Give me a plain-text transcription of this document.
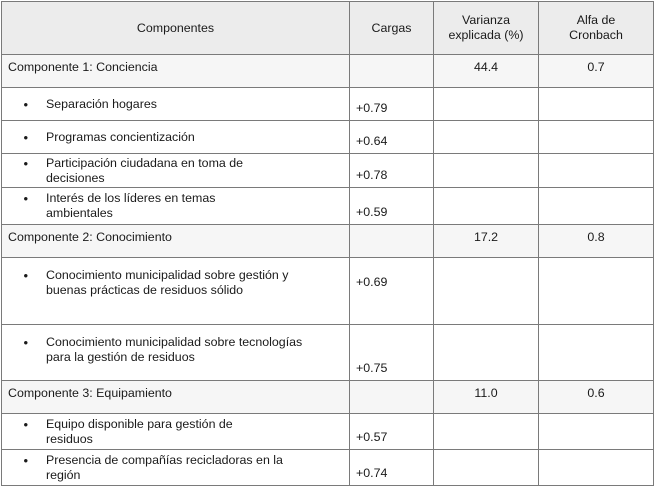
Componentes	Cargas	Varianza explicada (%)	Alfa de Cronbach

Componente 1: Conciencia		44.4	0.7

• Separación hogares	+0.79		

• Programas concientización	+0.64		

• Participación ciudadana en toma de decisiones	+0.78		

• Interés de los líderes en temas ambientales	+0.59		
Componente 2: Conocimiento		17.2	0.8

• Conocimiento municipalidad sobre gestión y buenas prácticas de residuos sólido	+0.69		

• Conocimiento municipalidad sobre tecnologías para la gestión de residuos	+0.75		
Componente 3: Equipamiento		11.0	0.6

• Equipo disponible para gestión de residuos	+0.57		

• Presencia de compañías recicladoras en la región	+0.74		
